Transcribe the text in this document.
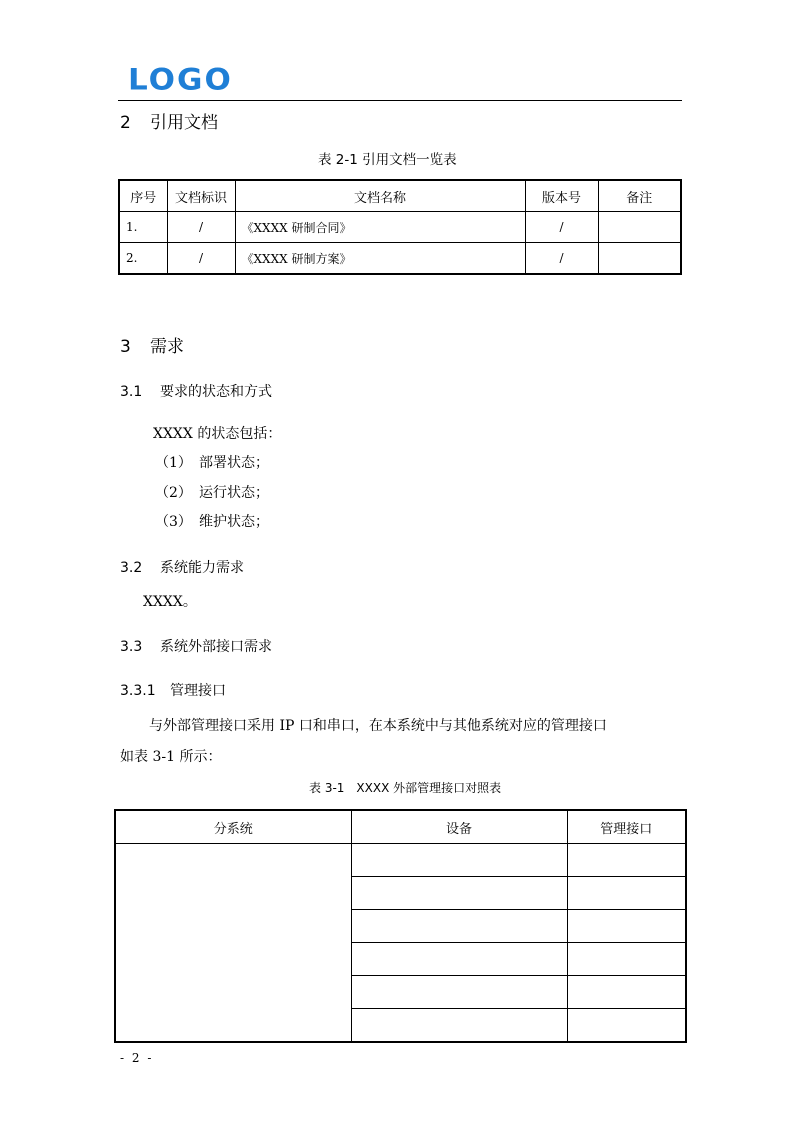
LOGO
2 引用文档
表 2-1 引用文档一览表
序号	文档标识	文档名称	版本号	备注
1.	/	《XXXX 研制合同》	/	
2.	/	《XXXX 研制方案》	/	
3 需求
3.1 要求的状态和方式
XXXX 的状态包括：
（1） 部署状态；
（2） 运行状态；
（3） 维护状态；
3.2 系统能力需求
XXXX。
3.3 系统外部接口需求
3.3.1 管理接口
与外部管理接口采用 IP 口和串口，在本系统中与其他系统对应的管理接口
如表 3-1 所示：
表 3-1　XXXX 外部管理接口对照表
分系统	设备	管理接口

- 2 -
